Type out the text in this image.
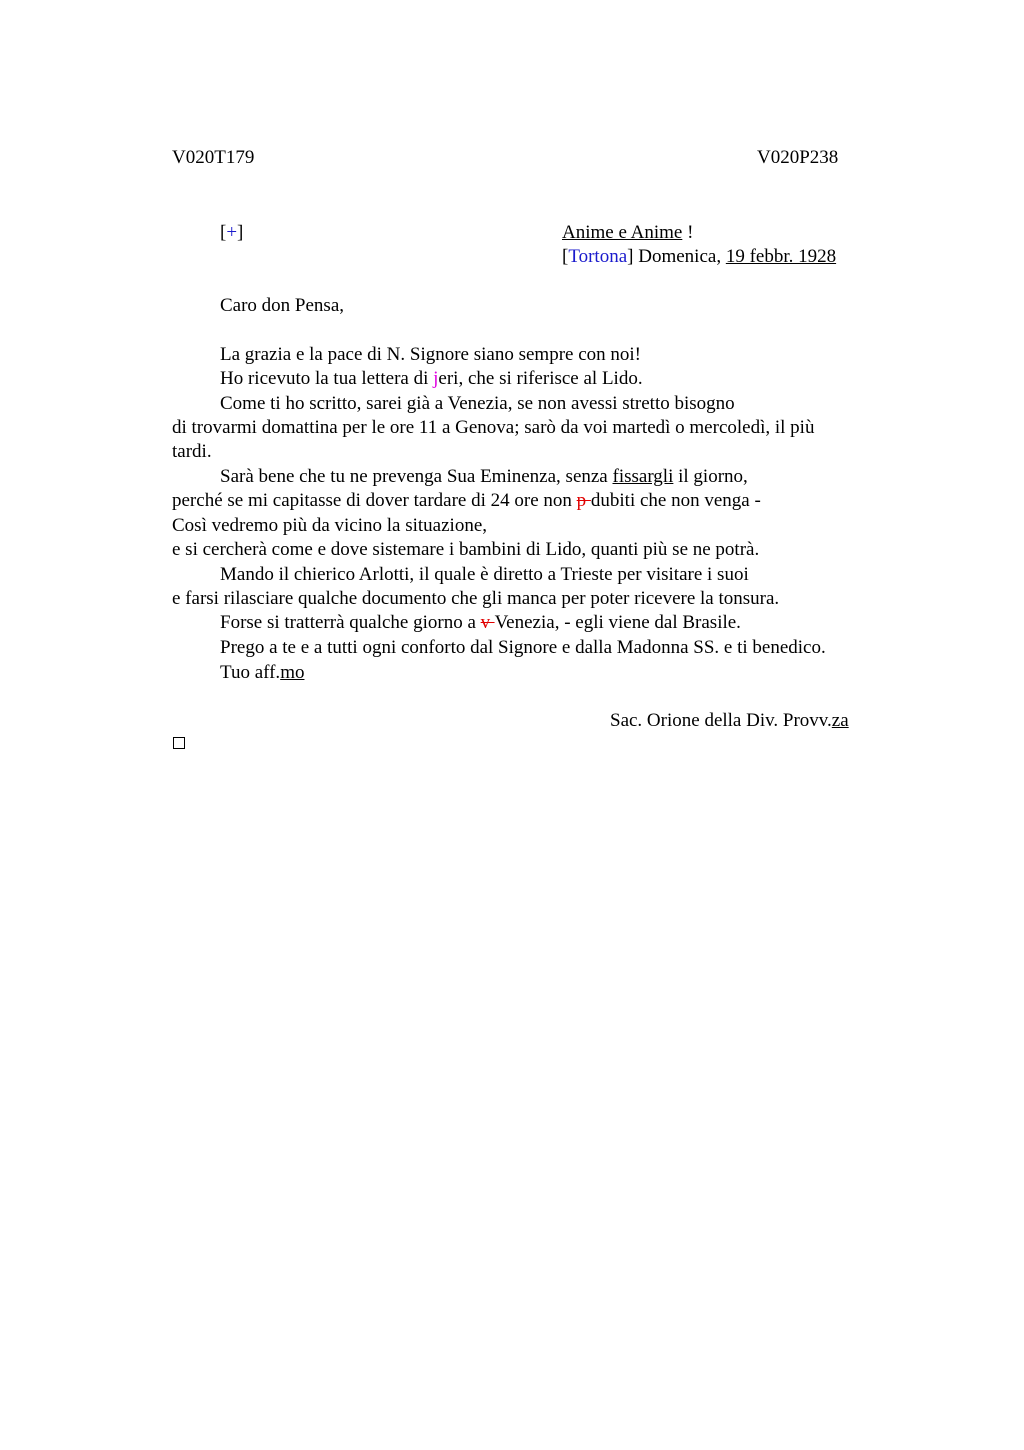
V020T179	V020P238
[+]	Anime e Anime !
[Tortona] Domenica, 19 febbr. 1928
Caro don Pensa,
La grazia e la pace di N. Signore siano sempre con noi!
Ho ricevuto la tua lettera di jeri, che si riferisce al Lido.
Come ti ho scritto, sarei già a Venezia, se non avessi stretto bisogno
di trovarmi domattina per le ore 11 a Genova; sarò da voi martedì o mercoledì, il più
tardi.
Sarà bene che tu ne prevenga Sua Eminenza, senza fissargli il giorno,
perché se mi capitasse di dover tardare di 24 ore non p dubiti che non venga -
Così vedremo più da vicino la situazione,
e si cercherà come e dove sistemare i bambini di Lido, quanti più se ne potrà.
Mando il chierico Arlotti, il quale è diretto a Trieste per visitare i suoi
e farsi rilasciare qualche documento che gli manca per poter ricevere la tonsura.
Forse si tratterrà qualche giorno a v Venezia, - egli viene dal Brasile.
Prego a te e a tutti ogni conforto dal Signore e dalla Madonna SS. e ti benedico.
Tuo aff.mo
Sac. Orione della Div. Provv.za
